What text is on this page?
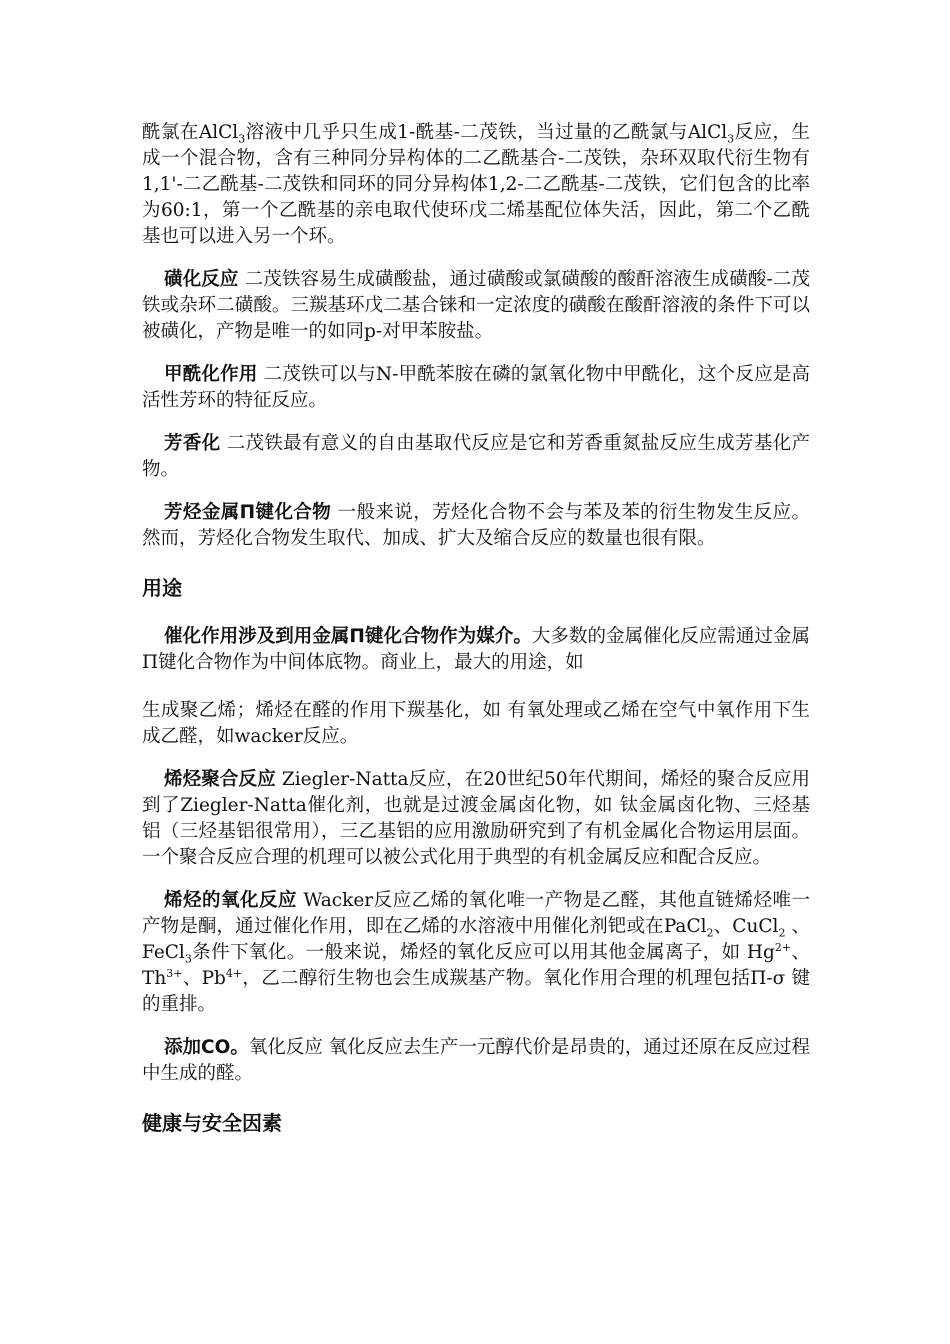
酰氯在AlCl$_3$溶液中几乎只生成1-酰基-二茂铁，当过量的乙酰氯与AlCl$_3$反应，生成一个混合物，含有三种同分异构体的二乙酰基合-二茂铁，杂环双取代衍生物有1,1'-二乙酰基-二茂铁和同环的同分异构体1,2-二乙酰基-二茂铁，它们包含的比率为60:1，第一个乙酰基的亲电取代使环戊二烯基配位体失活，因此，第二个乙酰基也可以进入另一个环。

磺化反应 二茂铁容易生成磺酸盐，通过磺酸或氯磺酸的酸酐溶液生成磺酸-二茂铁或杂环二磺酸。三羰基环戊二基合铼和一定浓度的磺酸在酸酐溶液的条件下可以被磺化，产物是唯一的如同p-对甲苯胺盐。

甲酰化作用 二茂铁可以与N-甲酰苯胺在磷的氯氧化物中甲酰化，这个反应是高活性芳环的特征反应。

芳香化 二茂铁最有意义的自由基取代反应是它和芳香重氮盐反应生成芳基化产物。

芳烃金属Π键化合物 一般来说，芳烃化合物不会与苯及苯的衍生物发生反应。然而，芳烃化合物发生取代、加成、扩大及缩合反应的数量也很有限。

用途

催化作用涉及到用金属Π键化合物作为媒介。大多数的金属催化反应需通过金属Π键化合物作为中间体底物。商业上，最大的用途，如

生成聚乙烯；烯烃在醛的作用下羰基化，如 有氧处理或乙烯在空气中氧作用下生成乙醛，如wacker反应。

烯烃聚合反应 Ziegler-Natta反应，在20世纪50年代期间，烯烃的聚合反应用到了Ziegler-Natta催化剂，也就是过渡金属卤化物，如 钛金属卤化物、三烃基铝（三烃基铝很常用），三乙基铝的应用激励研究到了有机金属化合物运用层面。一个聚合反应合理的机理可以被公式化用于典型的有机金属反应和配合反应。

烯烃的氧化反应 Wacker反应乙烯的氧化唯一产物是乙醛，其他直链烯烃唯一产物是酮，通过催化作用，即在乙烯的水溶液中用催化剂钯或在PaCl$_2$、CuCl$_2$ 、FeCl$_3$条件下氧化。一般来说，烯烃的氧化反应可以用其他金属离子，如 $Hg^{2+}$、$Th^{3+}$、$Pb^{4+}$，乙二醇衍生物也会生成羰基产物。氧化作用合理的机理包括Π-σ 键的重排。

添加CO。氧化反应 氧化反应去生产一元醇代价是昂贵的，通过还原在反应过程中生成的醛。

健康与安全因素
